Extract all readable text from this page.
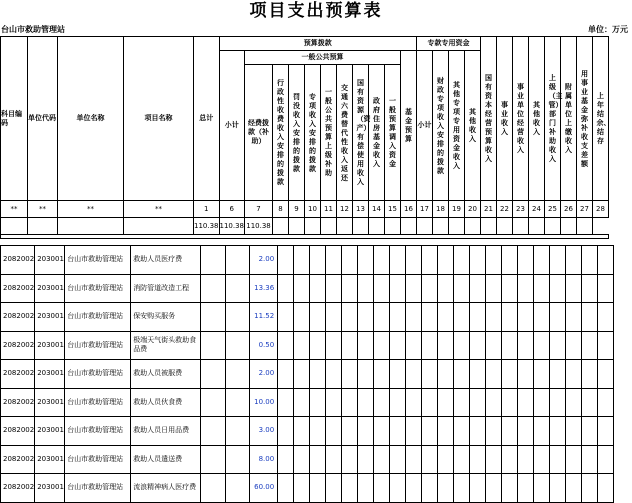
项目支出预算表
台山市救助管理站	单位：万元
科目编码	单位代码	单位名称	项目名称	总计	预算拨款											专款专用资金				国有资本经营预算收入	事业收入	事业单位经营收入	其他收入	上级（主管）部门补助收入	附属单位上缴收入	用事业基金弥补收支差额	上年结余、结存
					小计	一般公共预算									基金预算	小计	财政专项收入安排的拨款	其他专项专用资金收入	其他收入								
						经费拨款（补助）	行政性收费收入安排的拨款	罚没收入安排的拨款	专项收入安排的拨款	一般公共预算上级补助	交通六费替代性收入返还	国有资源（资产）有偿使用收入	政府住房基金收入	一般预算调入资金													
**	**	**	**	1	6	7	8	9	10	11	12	13	14	15	16	17	18	19	20	21	22	23	24	25	26	27	28
				110.38	110.38	110.38																					

2082002	203001	台山市救助管理站	救助人员医疗费			2.00																					
2082002	203001	台山市救助管理站	消防管道改造工程			13.36																					
2082002	203001	台山市救助管理站	保安购买服务			11.52																					
2082002	203001	台山市救助管理站	极端天气街头救助食品费			0.50																					
2082002	203001	台山市救助管理站	救助人员被服费			2.00																					
2082002	203001	台山市救助管理站	救助人员伙食费			10.00																					
2082002	203001	台山市救助管理站	救助人员日用品费			3.00																					
2082002	203001	台山市救助管理站	救助人员遣送费			8.00																					
2082002	203001	台山市救助管理站	流浪精神病人医疗费			60.00																					
